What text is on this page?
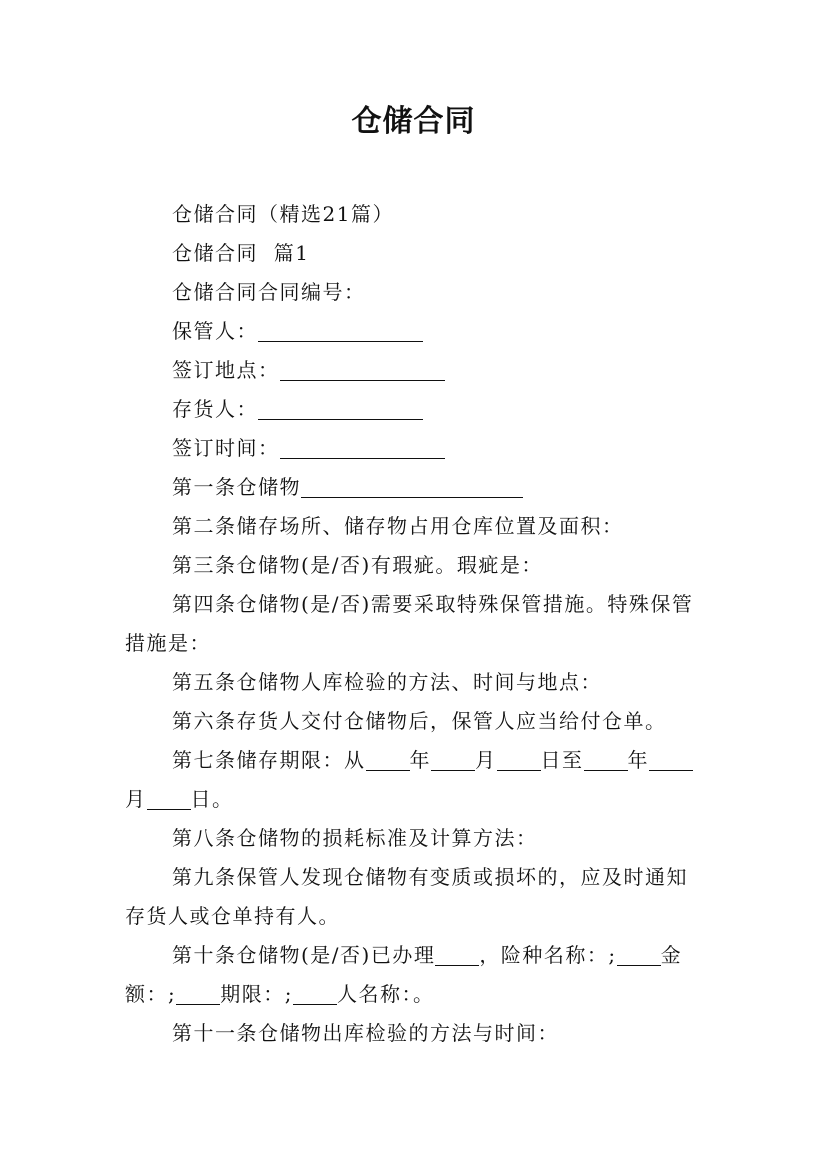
仓储合同

仓储合同（精选21篇）

仓储合同  篇1

仓储合同合同编号：

保管人：

签订地点：

存货人：

签订时间：

第一条仓储物

第二条储存场所、储存物占用仓库位置及面积：

第三条仓储物(是/否)有瑕疵。瑕疵是：

第四条仓储物(是/否)需要采取特殊保管措施。特殊保管措施是：

第五条仓储物人库检验的方法、时间与地点：

第六条存货人交付仓储物后，保管人应当给付仓单。

第七条储存期限：从 年 月 日至 年月 日。

第八条仓储物的损耗标准及计算方法：

第九条保管人发现仓储物有变质或损坏的，应及时通知存货人或仓单持有人。

第十条仓储物(是/否)已办理 ，险种名称：; 金额：; 期限：; 人名称：。

第十一条仓储物出库检验的方法与时间：
